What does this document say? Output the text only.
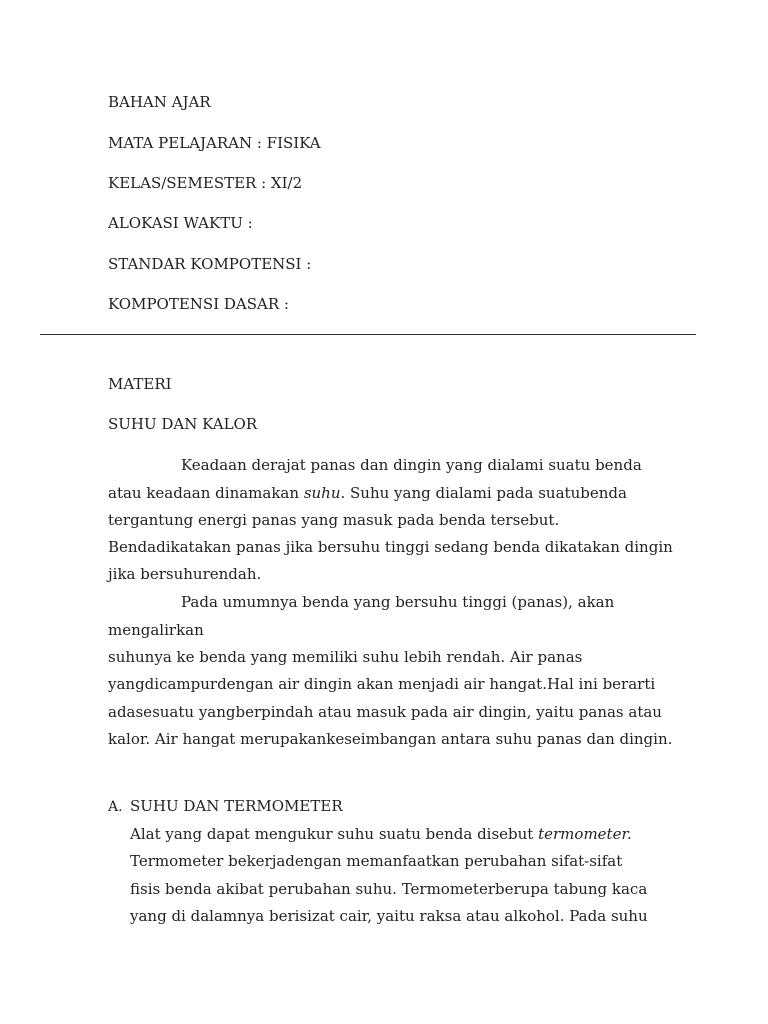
BAHAN AJAR
MATA PELAJARAN : FISIKA
KELAS/SEMESTER : XI/2
ALOKASI WAKTU :
STANDAR KOMPOTENSI :
KOMPOTENSI DASAR :
MATERI
SUHU DAN KALOR
Keadaan derajat panas dan dingin yang dialami suatu benda
atau keadaan dinamakan suhu. Suhu yang dialami pada suatubenda
tergantung energi panas yang masuk pada benda tersebut.
Bendadikatakan panas jika bersuhu tinggi sedang benda dikatakan dingin
jika bersuhurendah.
Pada umumnya benda yang bersuhu tinggi (panas), akan
mengalirkan
suhunya ke benda yang memiliki suhu lebih rendah. Air panas
yangdicampurdengan air dingin akan menjadi air hangat.Hal ini berarti
adasesuatu yangberpindah atau masuk pada air dingin, yaitu panas atau
kalor. Air hangat merupakankeseimbangan antara suhu panas dan dingin.
A. SUHU DAN TERMOMETER
Alat yang dapat mengukur suhu suatu benda disebut termometer.
Termometer bekerjadengan memanfaatkan perubahan sifat-sifat
fisis benda akibat perubahan suhu. Termometerberupa tabung kaca
yang di dalamnya berisizat cair, yaitu raksa atau alkohol. Pada suhu
